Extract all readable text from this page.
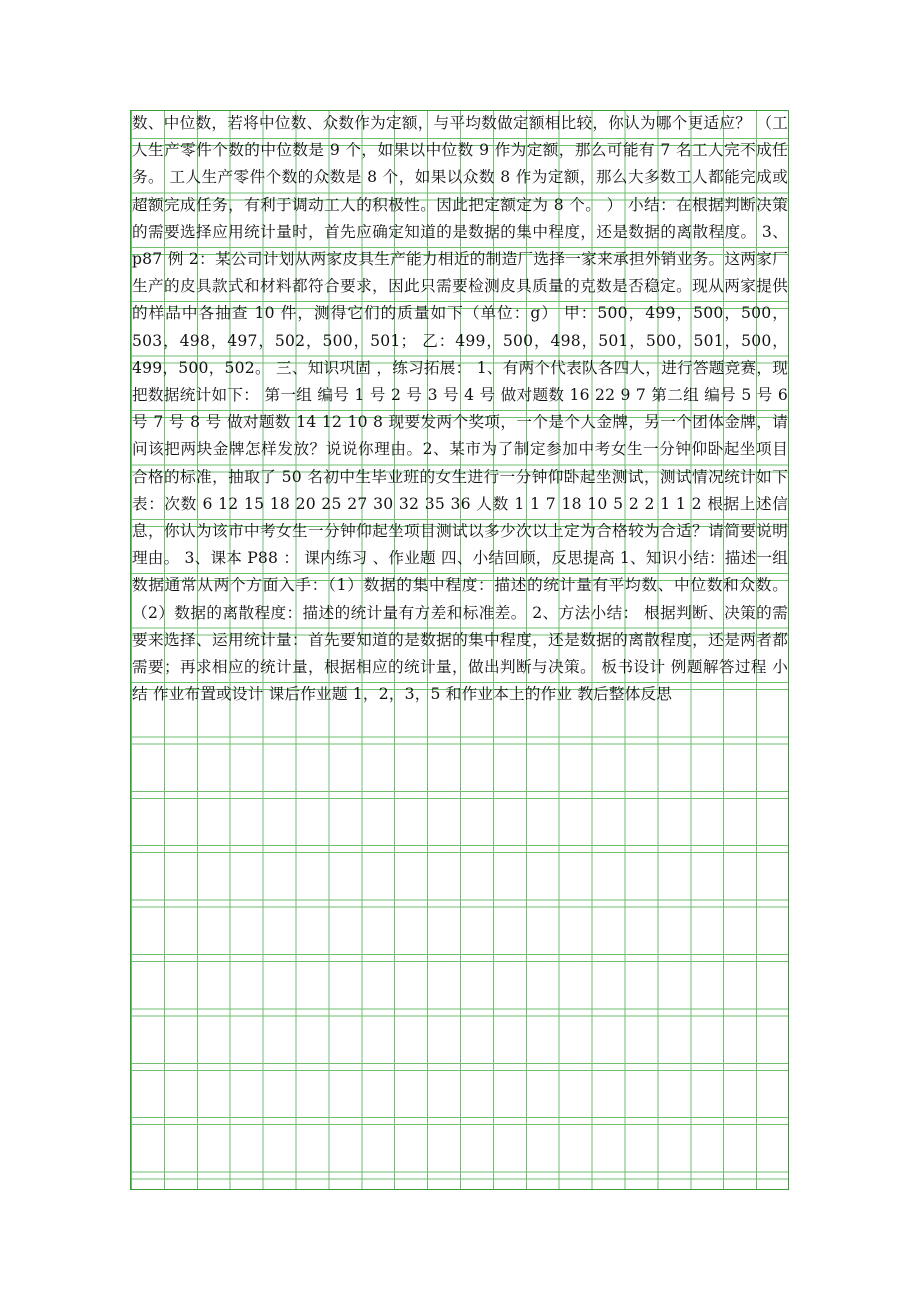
数、中位数，若将中位数、众数作为定额，与平均数做定额相比较，你认为哪个更适应？ （工人生产零件个数的中位数是 9 个，如果以中位数 9 作为定额，那么可能有 7 名工人完不成任务。 工人生产零件个数的众数是 8 个，如果以众数 8 作为定额，那么大多数工人都能完成或超额完成任务，有利于调动工人的积极性。因此把定额定为 8 个。 ） 小结：在根据判断决策的需要选择应用统计量时，首先应确定知道的是数据的集中程度，还是数据的离散程度。 3、p87 例 2：某公司计划从两家皮具生产能力相近的制造厂选择一家来承担外销业务。这两家厂生产的皮具款式和材料都符合要求，因此只需要检测皮具质量的克数是否稳定。现从两家提供的样品中各抽查 10 件，测得它们的质量如下（单位：g） 甲：500，499，500，500，503，498，497，502，500，501； 乙：499，500，498，501，500，501，500，499，500，502。 三、知识巩固 ，练习拓展： 1、有两个代表队各四人，进行答题竞赛，现把数据统计如下： 第一组 编号 1 号 2 号 3 号 4 号 做对题数 16 22 9 7 第二组 编号 5 号 6 号 7 号 8 号 做对题数 14 12 10 8 现要发两个奖项，一个是个人金牌，另一个团体金牌，请问该把两块金牌怎样发放？说说你理由。2、某市为了制定参加中考女生一分钟仰卧起坐项目合格的标准，抽取了 50 名初中生毕业班的女生进行一分钟仰卧起坐测试，测试情况统计如下表：次数 6 12 15 18 20 25 27 30 32 35 36 人数 1 1 7 18 10 5 2 2 1 1 2 根据上述信息，你认为该市中考女生一分钟仰起坐项目测试以多少次以上定为合格较为合适？请简要说明理由。 3、课本 P88 ： 课内练习 、作业题 四、小结回顾，反思提高 1、知识小结：描述一组数据通常从两个方面入手：（1）数据的集中程度：描述的统计量有平均数、中位数和众数。（2）数据的离散程度：描述的统计量有方差和标准差。 2、方法小结： 根据判断、决策的需要来选择、运用统计量：首先要知道的是数据的集中程度，还是数据的离散程度，还是两者都需要；再求相应的统计量，根据相应的统计量，做出判断与决策。 板书设计 例题解答过程 小结 作业布置或设计 课后作业题 1，2，3，5 和作业本上的作业 教后整体反思
